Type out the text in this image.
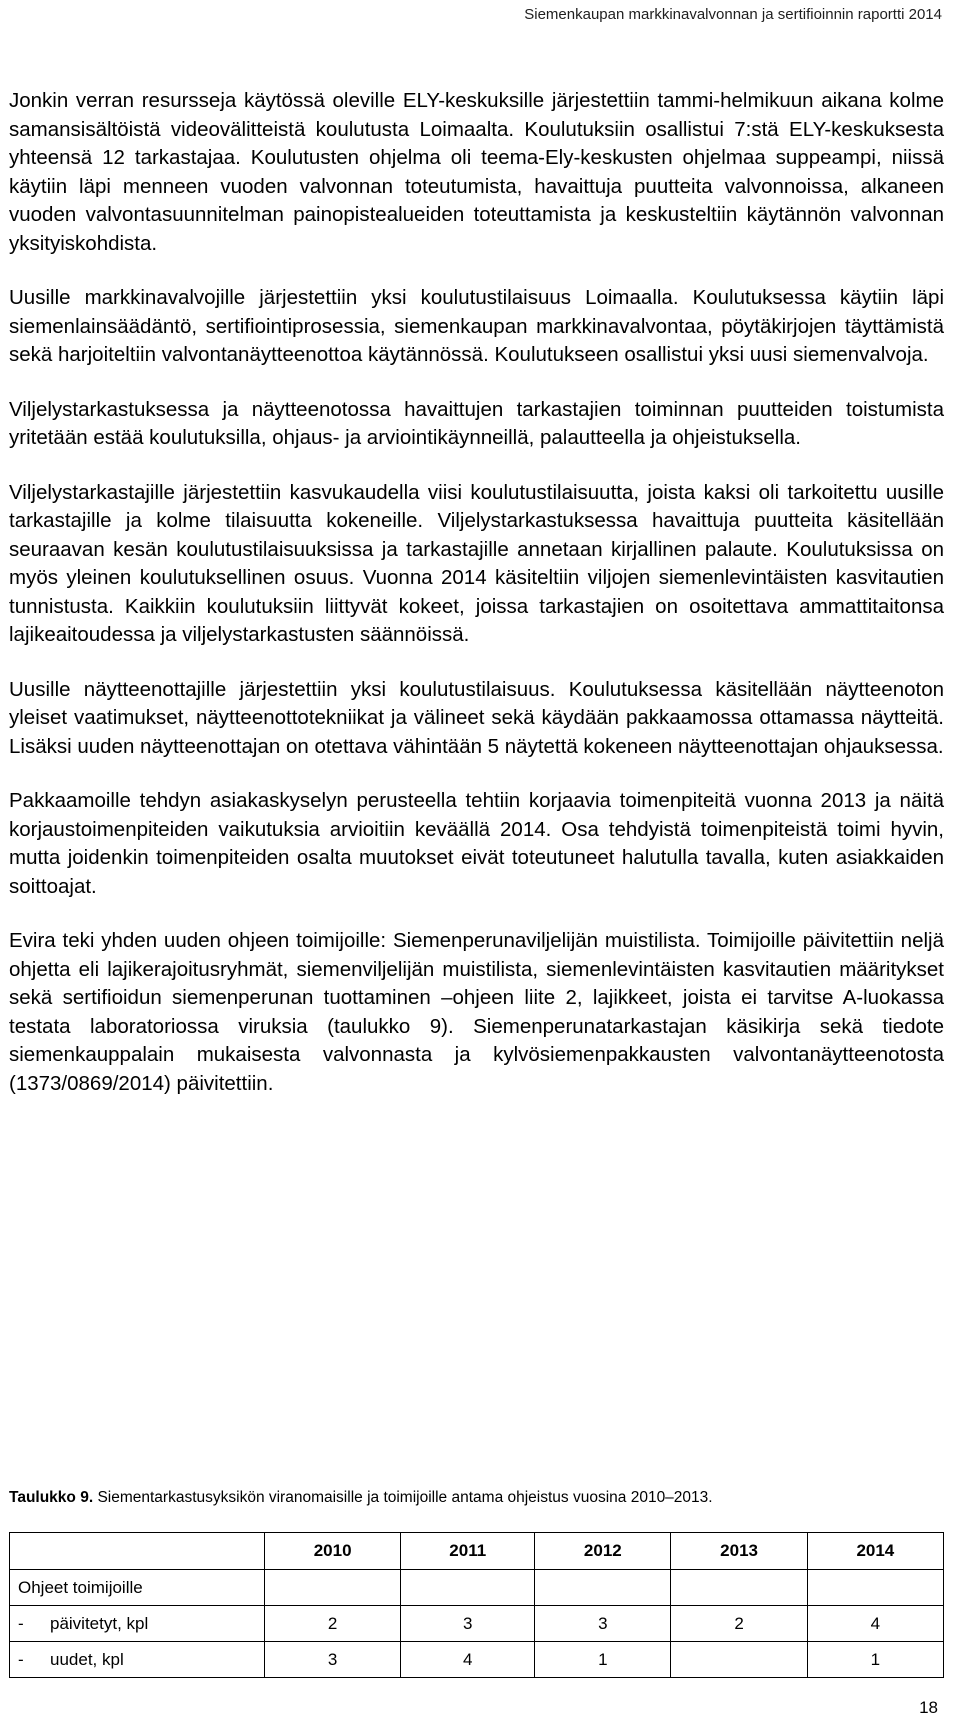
Siemenkaupan markkinavalvonnan ja sertifioinnin raportti 2014

Jonkin verran resursseja käytössä oleville ELY-keskuksille järjestettiin tammi-helmikuun aikana kolme samansisältöistä videovälitteistä koulutusta Loimaalta. Koulutuksiin osallistui 7:stä ELY-keskuksesta yhteensä 12 tarkastajaa. Koulutusten ohjelma oli teema-Ely-keskusten ohjelmaa suppeampi, niissä käytiin läpi menneen vuoden valvonnan toteutumista, havaittuja puutteita valvonnoissa, alkaneen vuoden valvontasuunnitelman painopistealueiden toteuttamista ja keskusteltiin käytännön valvonnan yksityiskohdista.

Uusille markkinavalvojille järjestettiin yksi koulutustilaisuus Loimaalla. Koulutuksessa käytiin läpi siemenlainsäädäntö, sertifiointiprosessia, siemenkaupan markkinavalvontaa, pöytäkirjojen täyttämistä sekä harjoiteltiin valvontanäytteenottoa käytännössä. Koulutukseen osallistui yksi uusi siemenvalvoja.

Viljelystarkastuksessa ja näytteenotossa havaittujen tarkastajien toiminnan puutteiden toistumista yritetään estää koulutuksilla, ohjaus- ja arviointikäynneillä, palautteella ja ohjeistuksella.

Viljelystarkastajille järjestettiin kasvukaudella viisi koulutustilaisuutta, joista kaksi oli tarkoitettu uusille tarkastajille ja kolme tilaisuutta kokeneille. Viljelystarkastuksessa havaittuja puutteita käsitellään seuraavan kesän koulutustilaisuuksissa ja tarkastajille annetaan kirjallinen palaute. Koulutuksissa on myös yleinen koulutuksellinen osuus. Vuonna 2014 käsiteltiin viljojen siemenlevintäisten kasvitautien tunnistusta. Kaikkiin koulutuksiin liittyvät kokeet, joissa tarkastajien on osoitettava ammattitaitonsa lajikeaitoudessa ja viljelystarkastusten säännöissä.

Uusille näytteenottajille järjestettiin yksi koulutustilaisuus. Koulutuksessa käsitellään näytteenoton yleiset vaatimukset, näytteenottotekniikat ja välineet sekä käydään pakkaamossa ottamassa näytteitä. Lisäksi uuden näytteenottajan on otettava vähintään 5 näytettä kokeneen näytteenottajan ohjauksessa.

Pakkaamoille tehdyn asiakaskyselyn perusteella tehtiin korjaavia toimenpiteitä vuonna 2013 ja näitä korjaustoimenpiteiden vaikutuksia arvioitiin keväällä 2014. Osa tehdyistä toimenpiteistä toimi hyvin, mutta joidenkin toimenpiteiden osalta muutokset eivät toteutuneet halutulla tavalla, kuten asiakkaiden soittoajat.

Evira teki yhden uuden ohjeen toimijoille: Siemenperunaviljelijän muistilista. Toimijoille päivitettiin neljä ohjetta eli lajikerajoitusryhmät, siemenviljelijän muistilista, siemenlevintäisten kasvitautien määritykset sekä sertifioidun siemenperunan tuottaminen –ohjeen liite 2, lajikkeet, joista ei tarvitse A-luokassa testata laboratoriossa viruksia (taulukko 9). Siemenperunatarkastajan käsikirja sekä tiedote siemenkauppalain mukaisesta valvonnasta ja kylvösiemenpakkausten valvontanäytteenotosta (1373/0869/2014) päivitettiin.

Taulukko 9. Siementarkastusyksikön viranomaisille ja toimijoille antama ohjeistus vuosina 2010–2013.
	2010	2011	2012	2013	2014
Ohjeet toimijoille					

- päivitetyt, kpl	2	3	3	2	4

- uudet, kpl	3	4	1		1
18
